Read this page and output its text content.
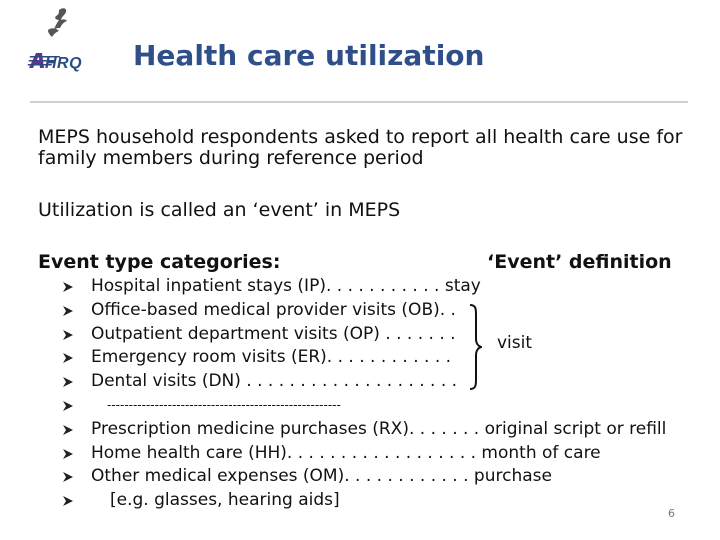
HRQ Health care utilization
MEPS household respondents asked to report all health care use for family members during reference period
Utilization is called an ‘event’ in MEPS
Event type categories:	‘Event’ definition
Hospital inpatient stays (IP). . . . . . . . . . . stay
Office-based medical provider visits (OB). .
Outpatient department visits (OP) . . . . . . .
Emergency room visits (ER). . . . . . . . . . . .
Dental visits (DN) . . . . . . . . . . . . . . . . . . . .
------------------------------------------------------
Prescription medicine purchases (RX). . . . . . . original script or refill
Home health care (HH). . . . . . . . . . . . . . . . . . month of care
Other medical expenses (OM). . . . . . . . . . . . purchase
[e.g. glasses, hearing aids]
visit
6
